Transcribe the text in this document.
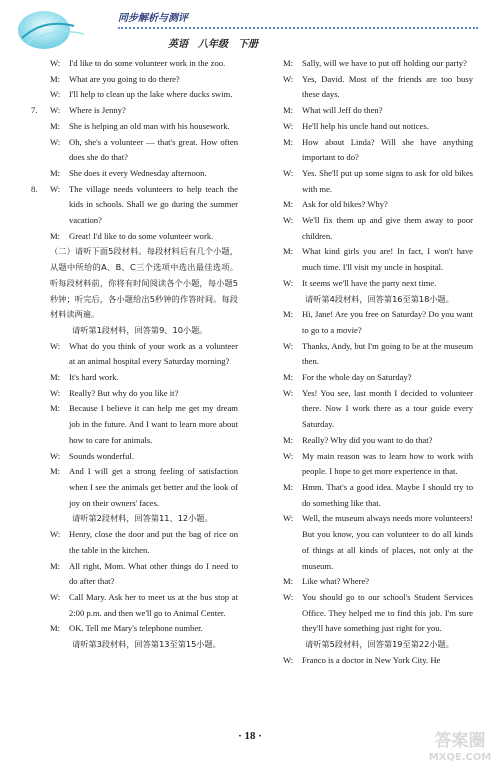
同步解析与测评
英语　八年级　下册
W:	I'd like to do some volunteer work in the zoo.
M:	What are you going to do there?
W:	I'll help to clean up the lake where ducks swim.
7.	W:	Where is Jenny?
M:	She is helping an old man with his housework.
W:	Oh, she's a volunteer — that's great. How often does she do that?
M:	She does it every Wednesday afternoon.
8.	W:	The village needs volunteers to help teach the kids in schools. Shall we go during the summer vacation?
M:	Great! I'd like to do some volunteer work.

（二）请听下面5段材料。每段材料后有几个小题，从题中所给的A、B、C三个选项中选出最佳选项。听每段材料前，你将有时间阅读各个小题，每小题5秒钟；听完后，各小题给出5秒钟的作答时间。每段材料读两遍。

请听第1段材料，回答第9、10小题。

W:	What do you think of your work as a volunteer at an animal hospital every Saturday morning?
M:	It's hard work.
W:	Really? But why do you like it?
M:	Because I believe it can help me get my dream job in the future. And I want to learn more about how to care for animals.
W:	Sounds wonderful.
M:	And I will get a strong feeling of satisfaction when I see the animals get better and the look of joy on their owners' faces.

请听第2段材料，回答第11、12小题。

W:	Henry, close the door and put the bag of rice on the table in the kitchen.
M:	All right, Mom. What other things do I need to do after that?
W:	Call Mary. Ask her to meet us at the bus stop at 2:00 p.m. and then we'll go to Animal Center.
M:	OK. Tell me Mary's telephone number.

请听第3段材料，回答第13至第15小题。

M:	Sally, will we have to put off holding our party?
W:	Yes, David. Most of the friends are too busy these days.
M:	What will Jeff do then?
W:	He'll help his uncle hand out notices.
M:	How about Linda? Will she have anything important to do?
W:	Yes. She'll put up some signs to ask for old bikes with me.
M:	Ask for old bikes? Why?
W:	We'll fix them up and give them away to poor children.
M:	What kind girls you are! In fact, I won't have much time. I'll visit my uncle in hospital.
W:	It seems we'll have the party next time.

请听第4段材料，回答第16至第18小题。

M:	Hi, Jane! Are you free on Saturday? Do you want to go to a movie?
W:	Thanks, Andy, but I'm going to be at the museum then.
M:	For the whole day on Saturday?
W:	Yes! You see, last month I decided to volunteer there. Now I work there as a tour guide every Saturday.
M:	Really? Why did you want to do that?
W:	My main reason was to learn how to work with people. I hope to get more experience in that.
M:	Hmm. That's a good idea. Maybe I should try to do something like that.
W:	Well, the museum always needs more volunteers! But you know, you can volunteer to do all kinds of things at all kinds of places, not only at the museum.
M:	Like what? Where?
W:	You should go to our school's Student Services Office. They helped me to find this job. I'm sure they'll have something just right for you.

请听第5段材料，回答第19至第22小题。

W:	Franco is a doctor in New York City. He
· 18 ·	答案圈
MXQE.COM
